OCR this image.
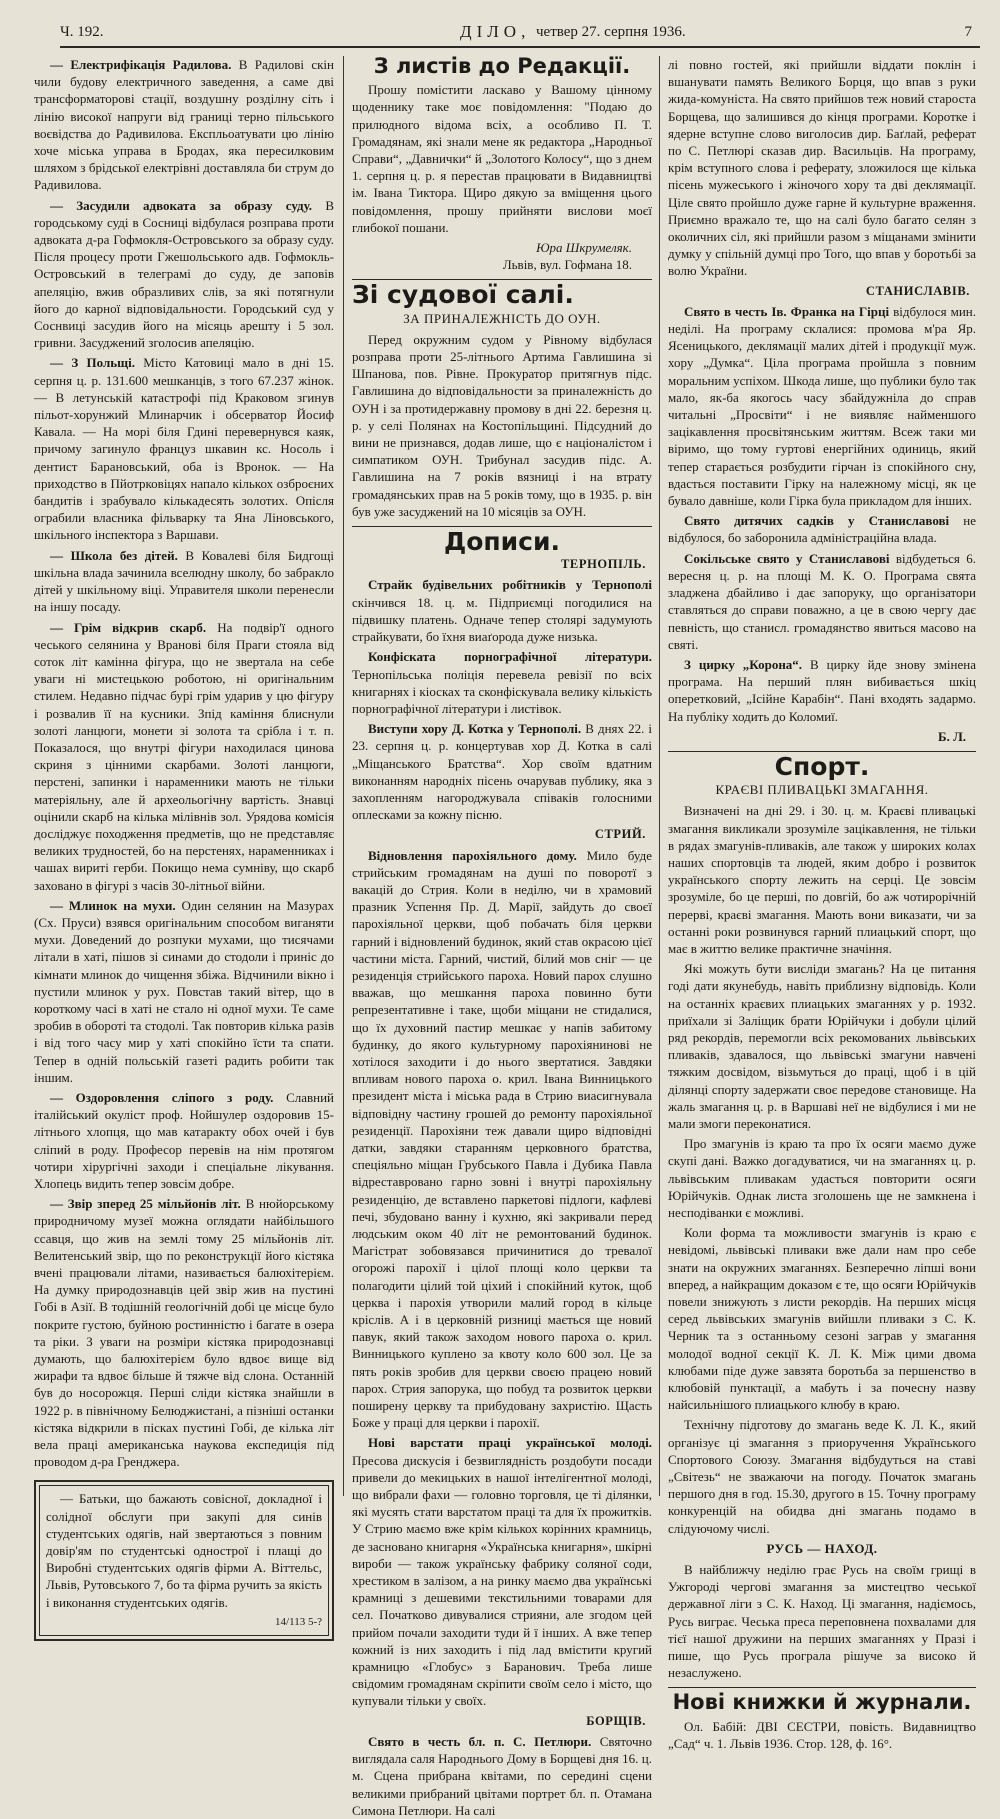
Ч. 192.	ДІЛО, четвер 27. серпня 1936.	7

— Електрифікація Радилова. В Радилові скін чили будову електричного заведення, а саме дві трансформаторові стації, воздушну розділну сіть і лінію високої напруги від границі терно пільського воєвідства до Радивилова. Експльоатувати цю лінію хоче міська управа в Бродах, яка пересилковим шляхом з брідської електрівні доставляла би струм до Радивилова.

— Засудили адвоката за образу суду. В городському суді в Сосниці відбулася розправа проти адвоката д-ра Гофмокля-Островського за образу суду. Після процесу проти Гжешольського адв. Гофмокль-Островський в телеграмі до суду, де заповів апеляцію, вжив образливих слів, за які потягнули його до карної відповідальности. Городський суд у Соснвиці засудив його на місяць арешту і 5 зол. гривни. Засуджений зголосив апеляцію.

— З Польщі. Місто Катовиці мало в дні 15. серпня ц. р. 131.600 мешканців, з того 67.237 жінок. — В летунській катастрофі під Краковом згинув пільот-хорунжий Млинарчик і обсерватор Йосиф Кавала. — На морі біля Гдині перевернувся каяк, причому загинуло француз шкавин кс. Носоль і дентист Барановський, оба із Вронок. — На приходство в Пйотрковіцях напало кількох озброєних бандитів і зрабувало кількадесять золотих. Опісля ограбили власника фільварку та Яна Ліновського, шкільного інспектора з Варшави.

— Школа без дітей. В Ковалеві біля Бидгощі шкільна влада зачинила вселюдну школу, бо забракло дітей у шкільному віці. Управителя школи перенесли на іншу посаду.

— Грім відкрив скарб. На подвір'ї одного чеського селянина у Вранові біля Праги стояла від соток літ камінна фігура, що не звертала на себе уваги ні мистецькою роботою, ні оригінальним стилем. Недавно підчас бурі грім ударив у цю фігуру і розвалив її на кусники. Зпід каміння блиснули золоті ланцюги, монети зі золота та срібла і т. п. Показалося, що внутрі фігури находилася цинова скриня з цінними скарбами. Золоті ланцюги, перстені, запинки і нараменники мають не тільки матеріяльну, але й археольогічну вартість. Знавці оцінили скарб на кілька мілівнів зол. Урядова комісія досліджує походження предметів, що не представляє великих трудностей, бо на перстенях, нараменниках і чашах вириті герби. Покищо нема сумніву, що скарб заховано в фігурі з часів 30-літньої війни.

— Млинок на мухи. Один селянин на Мазурах (Сх. Пруси) взявся оригінальним способом виганяти мухи. Доведений до розпуки мухами, що тисячами літали в хаті, пішов зі синами до стодоли і приніс до кімнати млинок до чищення збіжа. Відчинили вікно і пустили млинок у рух. Повстав такий вітер, що в короткому часі в хаті не стало ні одної мухи. Те саме зробив в обороті та стодолі. Так повторив кілька разів і від того часу мир у хаті спокійно їсти та спати. Тепер в одній польській газеті радить робити так іншим.

— Оздоровлення сліпого з роду. Славний італійський окуліст проф. Нойшулер оздоровив 15-літнього хлопця, що мав катаракту обох очей і був сліпий в роду. Професор перевів на нім протягом чотири хірургічні заходи і спеціальне лікування. Хлопець видить тепер зовсім добре.

— Звір зперед 25 мільйонів літ. В нюйорському природничому музеї можна оглядати найбільшого ссавця, що жив на землі тому 25 мільйонів літ. Велитенський звір, що по реконструкції його кістяка вчені працювали літами, називається балюхітерієм. На думку природознавців цей звір жив на пустині Гобі в Азії. В тодішній геологічній добі це місце було покрите густою, буйною ростинністю і багате в озера та ріки. З уваги на розміри кістяка природознавці думають, що балюхітерієм було вдвоє вище від жирафи та вдвоє більше й тяжче від слона. Останній був до носорожця. Перші сліди кістяка знайшли в 1922 р. в північному Белюджистані, а пізніші останки кістяка відкрили в пісках пустині Гобі, де кілька літ вела праці американська наукова експедиція під проводом д-ра Гренджера.

— Батьки, що бажають совісної, докладної і солідної обслуги при закупі для синів студентських одягів, най звертаються з повним довір'ям по студентські однострої і плащі до Виробні студентських одягів фірми А. Віттельс, Львів, Рутовського 7, бо та фірма ручить за якість і виконання студентських одягів.

14/113 5-?
З листів до Редакції.

Прошу помістити ласкаво у Вашому цінному щоденнику таке моє повідомлення: "Подаю до прилюдного відома всіх, а особливо П. Т. Громадянам, які знали мене як редактора „Народньої Справи“, „Давнички“ й „Золотого Колосу“, що з днем 1. серпня ц. р. я перестав працювати в Видавництві ім. Івана Тиктора. Щиро дякую за вміщення цього повідомлення, прошу прийняти вислови моєї глибокої пошани.

Юра Шкрумеляк.
Львів, вул. Гофмана 18.
Зі судової салі.
ЗА ПРИНАЛЕЖНІСТЬ ДО ОУН.

Перед окружним судом у Рівному відбулася розправа проти 25-літнього Артима Гавлишина зі Шпанова, пов. Рівне. Прокуратор притягнув підс. Гавлишина до відповідальности за приналежність до ОУН і за протидержавну промову в дні 22. березня ц. р. у селі Полянах на Костопільщині. Підсудний до вини не признався, додав лише, що є націоналістом і симпатиком ОУН. Трибунал засудив підс. А. Гавлишина на 7 років вязниці і на втрату громадянських прав на 5 років тому, що в 1935. р. він був уже засуджений на 10 місяців за ОУН.

Дописи.
ТЕРНОПІЛЬ.

Страйк будівельних робітників у Тернополі скінчився 18. ц. м. Підприємці погодилися на підвишку платень. Одначе тепер столярі задумують страйкувати, бо їхня виаґорода дуже низька.

Конфіската порнографічної літератури. Тернопільська поліція перевела ревізії по всіх книгарнях і кіосках та сконфіскувала велику кількість порнографічної літератури і листівок.

Виступи хору Д. Котка у Тернополі. В днях 22. і 23. серпня ц. р. концертував хор Д. Котка в салі „Міщанського Братства“. Хор своїм вдатним виконанням народніх пісень очарував публику, яка з захопленням нагороджувала співаків голосними оплесками за кожну пісню.

СТРИЙ.

Відновлення парохіяльного дому. Мило буде стрийським громадянам на душі по поворотї з вакацій до Стрия. Коли в неділю, чи в храмовий празник Успення Пр. Д. Марії, зайдуть до своєї парохіяльної церкви, щоб побачать біля церкви гарний і відновлений будинок, який став окрасою цієї частини міста. Гарний, чистий, білий мов сніг — це резиденція стрийського пароха. Новий парох слушно вважав, що мешкання пароха повинно бути репрезентативне і таке, щоби міщани не стидалися, що їх духовний пастир мешкає у напів забитому будинку, до якого культурному парохіянинові не хотілося заходити і до нього звертатися. Завдяки впливам нового пароха о. крил. Івана Винницького президент міста і міська рада в Стрию виасигнувала відповідну частину грошей до ремонту парохіяльної резиденції. Парохіяни теж давали щиро відповідні датки, завдяки старанням церковного братства, спеціяльно міщан Грубського Павла і Дубика Павла відреставровано гарно зовні і внутрі парохіяльну резиденцію, де вставлено паркетові підлоги, кафлеві печі, збудовано ванну і кухню, які закривали перед людським оком 40 літ не ремонтований будинок. Магістрат зобовязався причинитися до тревалої огорожі парохії і цілої площі коло церкви та полагодити цілий той ціхий і спокійний куток, щоб церква і парохія утворили малий город в кільце кріслів. А і в церковній ризниці мається ще новий павук, який також заходом нового пароха о. крил. Винницького куплено за квоту коло 600 зол. Це за пять років зробив для церкви своєю працею новий парох. Стрия запорука, що побуд та розвиток церкви поширену церкву та прибудовану захристію. Щасть Боже у праці для церкви і парохії.

Нові варстати праці української молоді. Пресова дискусія і безвиглядність роздобути посади привели до мекицьких в нашої інтелігентної молоді, що вибрали фахи — головно торговля, це ті ділянки, які мусять стати варстатом праці та для їх прожитків. У Стрию маємо вже крім кількох корінних крамниць, де засновано книгарня «Українська книгарня», шкірні вироби — також українську фабрику соляної соди, хрестиком в залізом, а на ринку маємо два українські крамниці з дешевими текстильними товарами для сел. Початково дивувалися стрияни, але згодом цей прийом почали заходити туди й ї інших. А вже тепер кожний із них заходить і під лад вмістити кругий крамницю «Глобус» з Баранович. Треба лише свідомим громадянам скріпити своїм село і місто, що купували тільки у своїх.

БОРЩІВ.

Свято в честь бл. п. С. Петлюри. Святочно виглядала саля Народнього Дому в Борщеві дня 16. ц. м. Сцена прибрана квітами, по середині сцени великими прибраний цвітами портрет бл. п. Отамана Симона Петлюри. На салі

лі повно гостей, які прийшли віддати поклін і вшанувати память Великого Борця, що впав з руки жида-комуніста. На свято прийшов теж новий староста Борщева, що залишився до кінця програми. Коротке і ядерне вступне слово виголосив дир. Баґлай, реферат по С. Петлюрі сказав дир. Васильців. На програму, крім вступного слова і реферату, зложилося ще кілька пісень мужеського і жіночого хору та дві деклямації. Ціле свято пройшло дуже гарне й культурне враження. Приємно вражало те, що на салі було багато селян з околичних сіл, які прийшли разом з міщанами змінити думку у спільній думці про Того, що впав у боротьбі за волю України.

СТАНИСЛАВІВ.

Свято в честь Ів. Франка на Гірці відбулося мин. неділі. На програму склалися: промова м'ра Яр. Ясеницького, деклямації малих дітей і продукції муж. хору „Думка“. Ціла програма пройшла з повним моральним успіхом. Шкода лише, що публики було так мало, як-ба якогось часу збайдужніла до справ читальні „Просвіти“ і не виявляє найменшого зацікавлення просвітянським життям. Всеж таки ми віримо, що тому гуртові енергійних одиниць, який тепер старається розбудити гірчан із спокійного сну, вдасться поставити Гірку на належному місці, як це бувало давніше, коли Гірка була прикладом для інших.

Свято дитячих садків у Станиславові не відбулося, бо заборонила адміністраційна влада.

Сокільське свято у Станиславові відбудеться 6. вересня ц. р. на площі М. К. О. Програма свята зладжена дбайливо і дає запоруку, що організатори ставляться до справи поважно, а це в свою чергу дає певність, що станисл. громадянство явиться масово на святі.

З цирку „Корона“. В цирку йде знову змінена програма. На перший плян вибивається шкіц оперетковий, „Ісійне Карабін“. Пані входять задармо. На публіку ходить до Коломиї.

Б. Л.
Спорт.
КРАЄВІ ПЛИВАЦЬКІ ЗМАГАННЯ.

Визначені на дні 29. і 30. ц. м. Краєві пливацькі змагання викликали зрозуміле зацікавлення, не тільки в рядах змагунів-пливаків, але також у широких колах наших спортовців та людей, яким добро і розвиток українського спорту лежить на серці. Це зовсім зрозуміле, бо це перші, по довгій, бо аж чотирорічній перерві, краєві змагання. Мають вони виказати, чи за останні роки розвинувся гарний плиацький спорт, що має в життю велике практичне значіння.

Які можуть бути висліди змагань? На це питання годі дати якунебудь, навіть приблизну відповідь. Коли на останніх краєвих плиацьких змаганнях у р. 1932. приїхали зі Заліщик брати Юрійчуки і добули цілий ряд рекордів, перемогли всіх рекомованих львівських пливаків, здавалося, що львівські змагуни навчені тяжким досвідом, візьмуться до праці, щоб і в цій ділянці спорту задержати своє передове становище. На жаль змагання ц. р. в Варшаві неї не відбулися і ми не мали змоги переконатися.

Про змагунів із краю та про їх осяги маємо дуже скупі дані. Важко догадуватися, чи на змаганнях ц. р. львівським пливакам удасться повторити осяги Юрійчуків. Однак листа зголошень ще не замкнена і несподіванки є можливі.

Коли форма та можливости змагунів із краю є невідомі, львівські пливаки вже дали нам про себе знати на окружних змаганнях. Безперечно ліпші вони вперед, а найкращим доказом є те, що осяги Юрійчуків повели знижують з листи рекордів. На перших місця серед львівських змагунів вийшли пливаки з С. К. Черник та з останньому сезоні заграв у змагання молодої водної секції К. Л. К. Між цими двома клюбами піде дуже завзята боротьба за першенство в клюбовій пунктації, а мабуть і за почесну назву найсильнішого плиацького клюбу в краю.

Технічну підготову до змагань веде К. Л. К., який організує ці змагання з приоручення Українського Спортового Союзу. Змагання відбудуться на ставі „Світезь“ не зважаючи на погоду. Початок змагань першого дня в год. 15.30, другого в 15. Точну програму конкуренцій на обидва дні змагань подамо в слідуючому числі.

РУСЬ — НАХОД.

В найближчу неділю грає Русь на своїм грищі в Ужгороді чергові змагання за мистецтво чеської державної ліги з С. К. Наход. Ці змагання, надіємось, Русь виграє. Чеська преса переповнена похвалами для тієї нашої дружини на перших змаганнях у Празі і пише, що Русь програла рішуче за високо й незаслужено.

Нові книжки й журнали.

Ол. Бабій: ДВІ СЕСТРИ, повість. Видавництво „Сад“ ч. 1. Львів 1936. Стор. 128, ф. 16°.
